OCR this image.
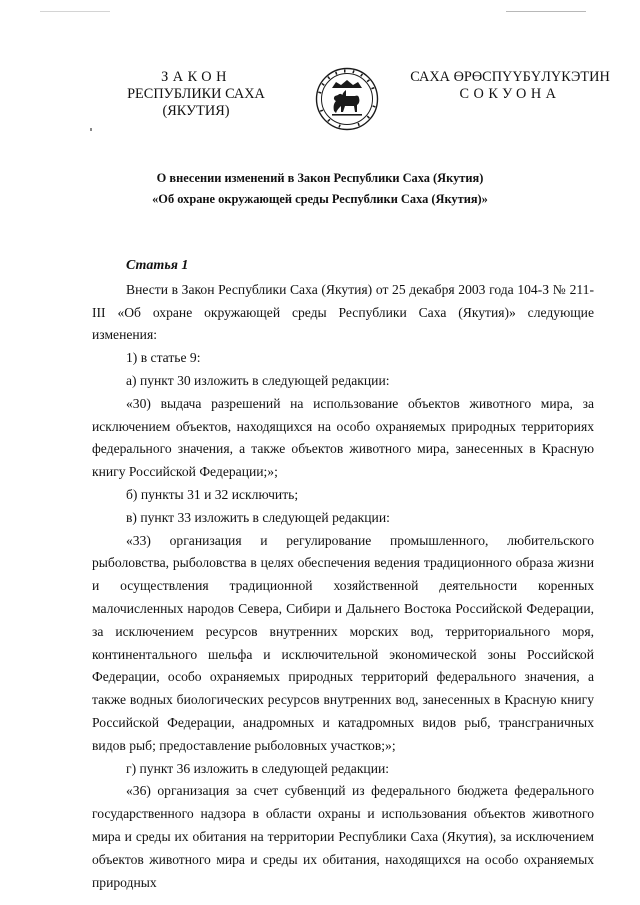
ЗАКОН
РЕСПУБЛИКИ САХА (ЯКУТИЯ)
САХА ӨРӨСПҮҮБҮЛҮКЭТИН
СОКУОНА
О внесении изменений в Закон Республики Саха (Якутия)
«Об охране окружающей среды Республики Саха (Якутия)»

Статья 1

Внести в Закон Республики Саха (Якутия) от 25 декабря 2003 года 104-З № 211-III «Об охране окружающей среды Республики Саха (Якутия)» следующие изменения:

1) в статье 9:

а) пункт 30 изложить в следующей редакции:

«30) выдача разрешений на использование объектов животного мира, за исключением объектов, находящихся на особо охраняемых природных территориях федерального значения, а также объектов животного мира, занесенных в Красную книгу Российской Федерации;»;

б) пункты 31 и 32 исключить;

в) пункт 33 изложить в следующей редакции:

«33) организация и регулирование промышленного, любительского рыболовства, рыболовства в целях обеспечения ведения традиционного образа жизни и осуществления традиционной хозяйственной деятельности коренных малочисленных народов Севера, Сибири и Дальнего Востока Российской Федерации, за исключением ресурсов внутренних морских вод, территориального моря, континентального шельфа и исключительной экономической зоны Российской Федерации, особо охраняемых природных территорий федерального значения, а также водных биологических ресурсов внутренних вод, занесенных в Красную книгу Российской Федерации, анадромных и катадромных видов рыб, трансграничных видов рыб; предоставление рыболовных участков;»;

г) пункт 36 изложить в следующей редакции:

«36) организация за счет субвенций из федерального бюджета федерального государственного надзора в области охраны и использования объектов животного мира и среды их обитания на территории Республики Саха (Якутия), за исключением объектов животного мира и среды их обитания, находящихся на особо охраняемых природных
